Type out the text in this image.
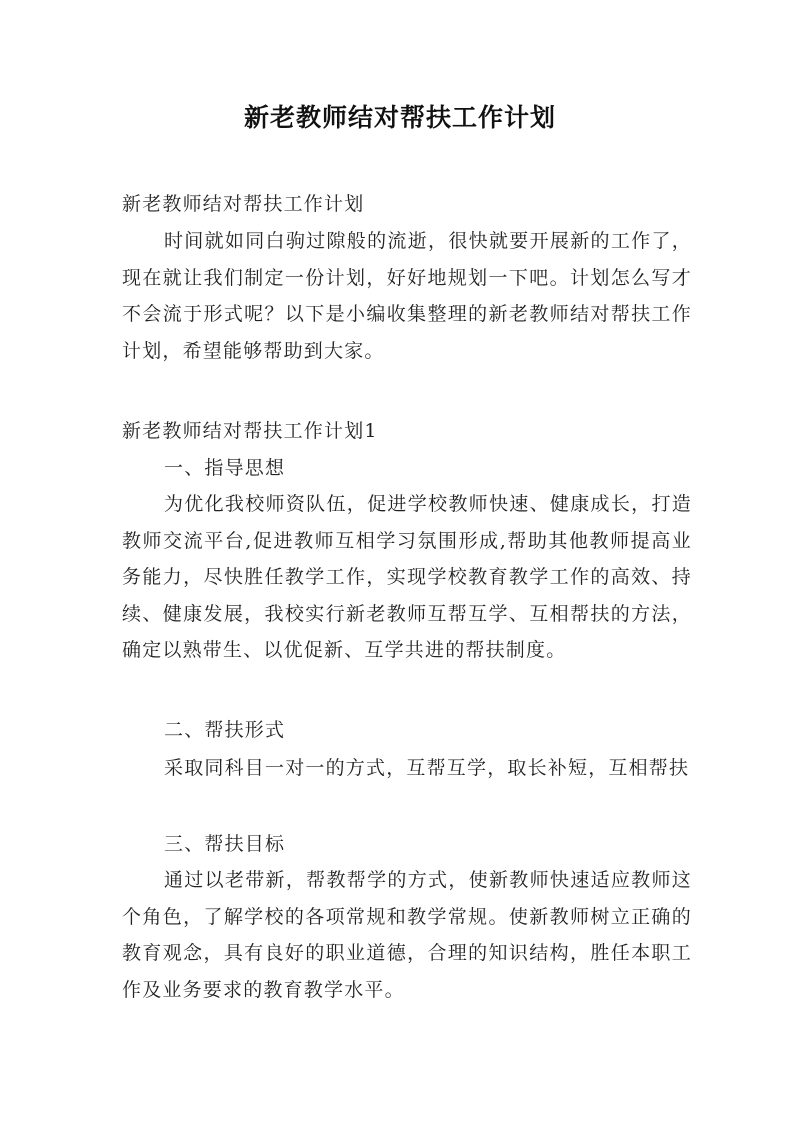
新老教师结对帮扶工作计划
新老教师结对帮扶工作计划
时间就如同白驹过隙般的流逝，很快就要开展新的工作了，现在就让我们制定一份计划，好好地规划一下吧。计划怎么写才不会流于形式呢？以下是小编收集整理的新老教师结对帮扶工作计划，希望能够帮助到大家。
新老教师结对帮扶工作计划1
一、指导思想
为优化我校师资队伍，促进学校教师快速、健康成长，打造教师交流平台,促进教师互相学习氛围形成,帮助其他教师提高业务能力，尽快胜任教学工作，实现学校教育教学工作的高效、持续、健康发展，我校实行新老教师互帮互学、互相帮扶的方法，确定以熟带生、以优促新、互学共进的帮扶制度。
二、帮扶形式
采取同科目一对一的方式，互帮互学，取长补短，互相帮扶
三、帮扶目标
通过以老带新，帮教帮学的方式，使新教师快速适应教师这个角色，了解学校的各项常规和教学常规。使新教师树立正确的教育观念，具有良好的职业道德，合理的知识结构，胜任本职工作及业务要求的教育教学水平。
